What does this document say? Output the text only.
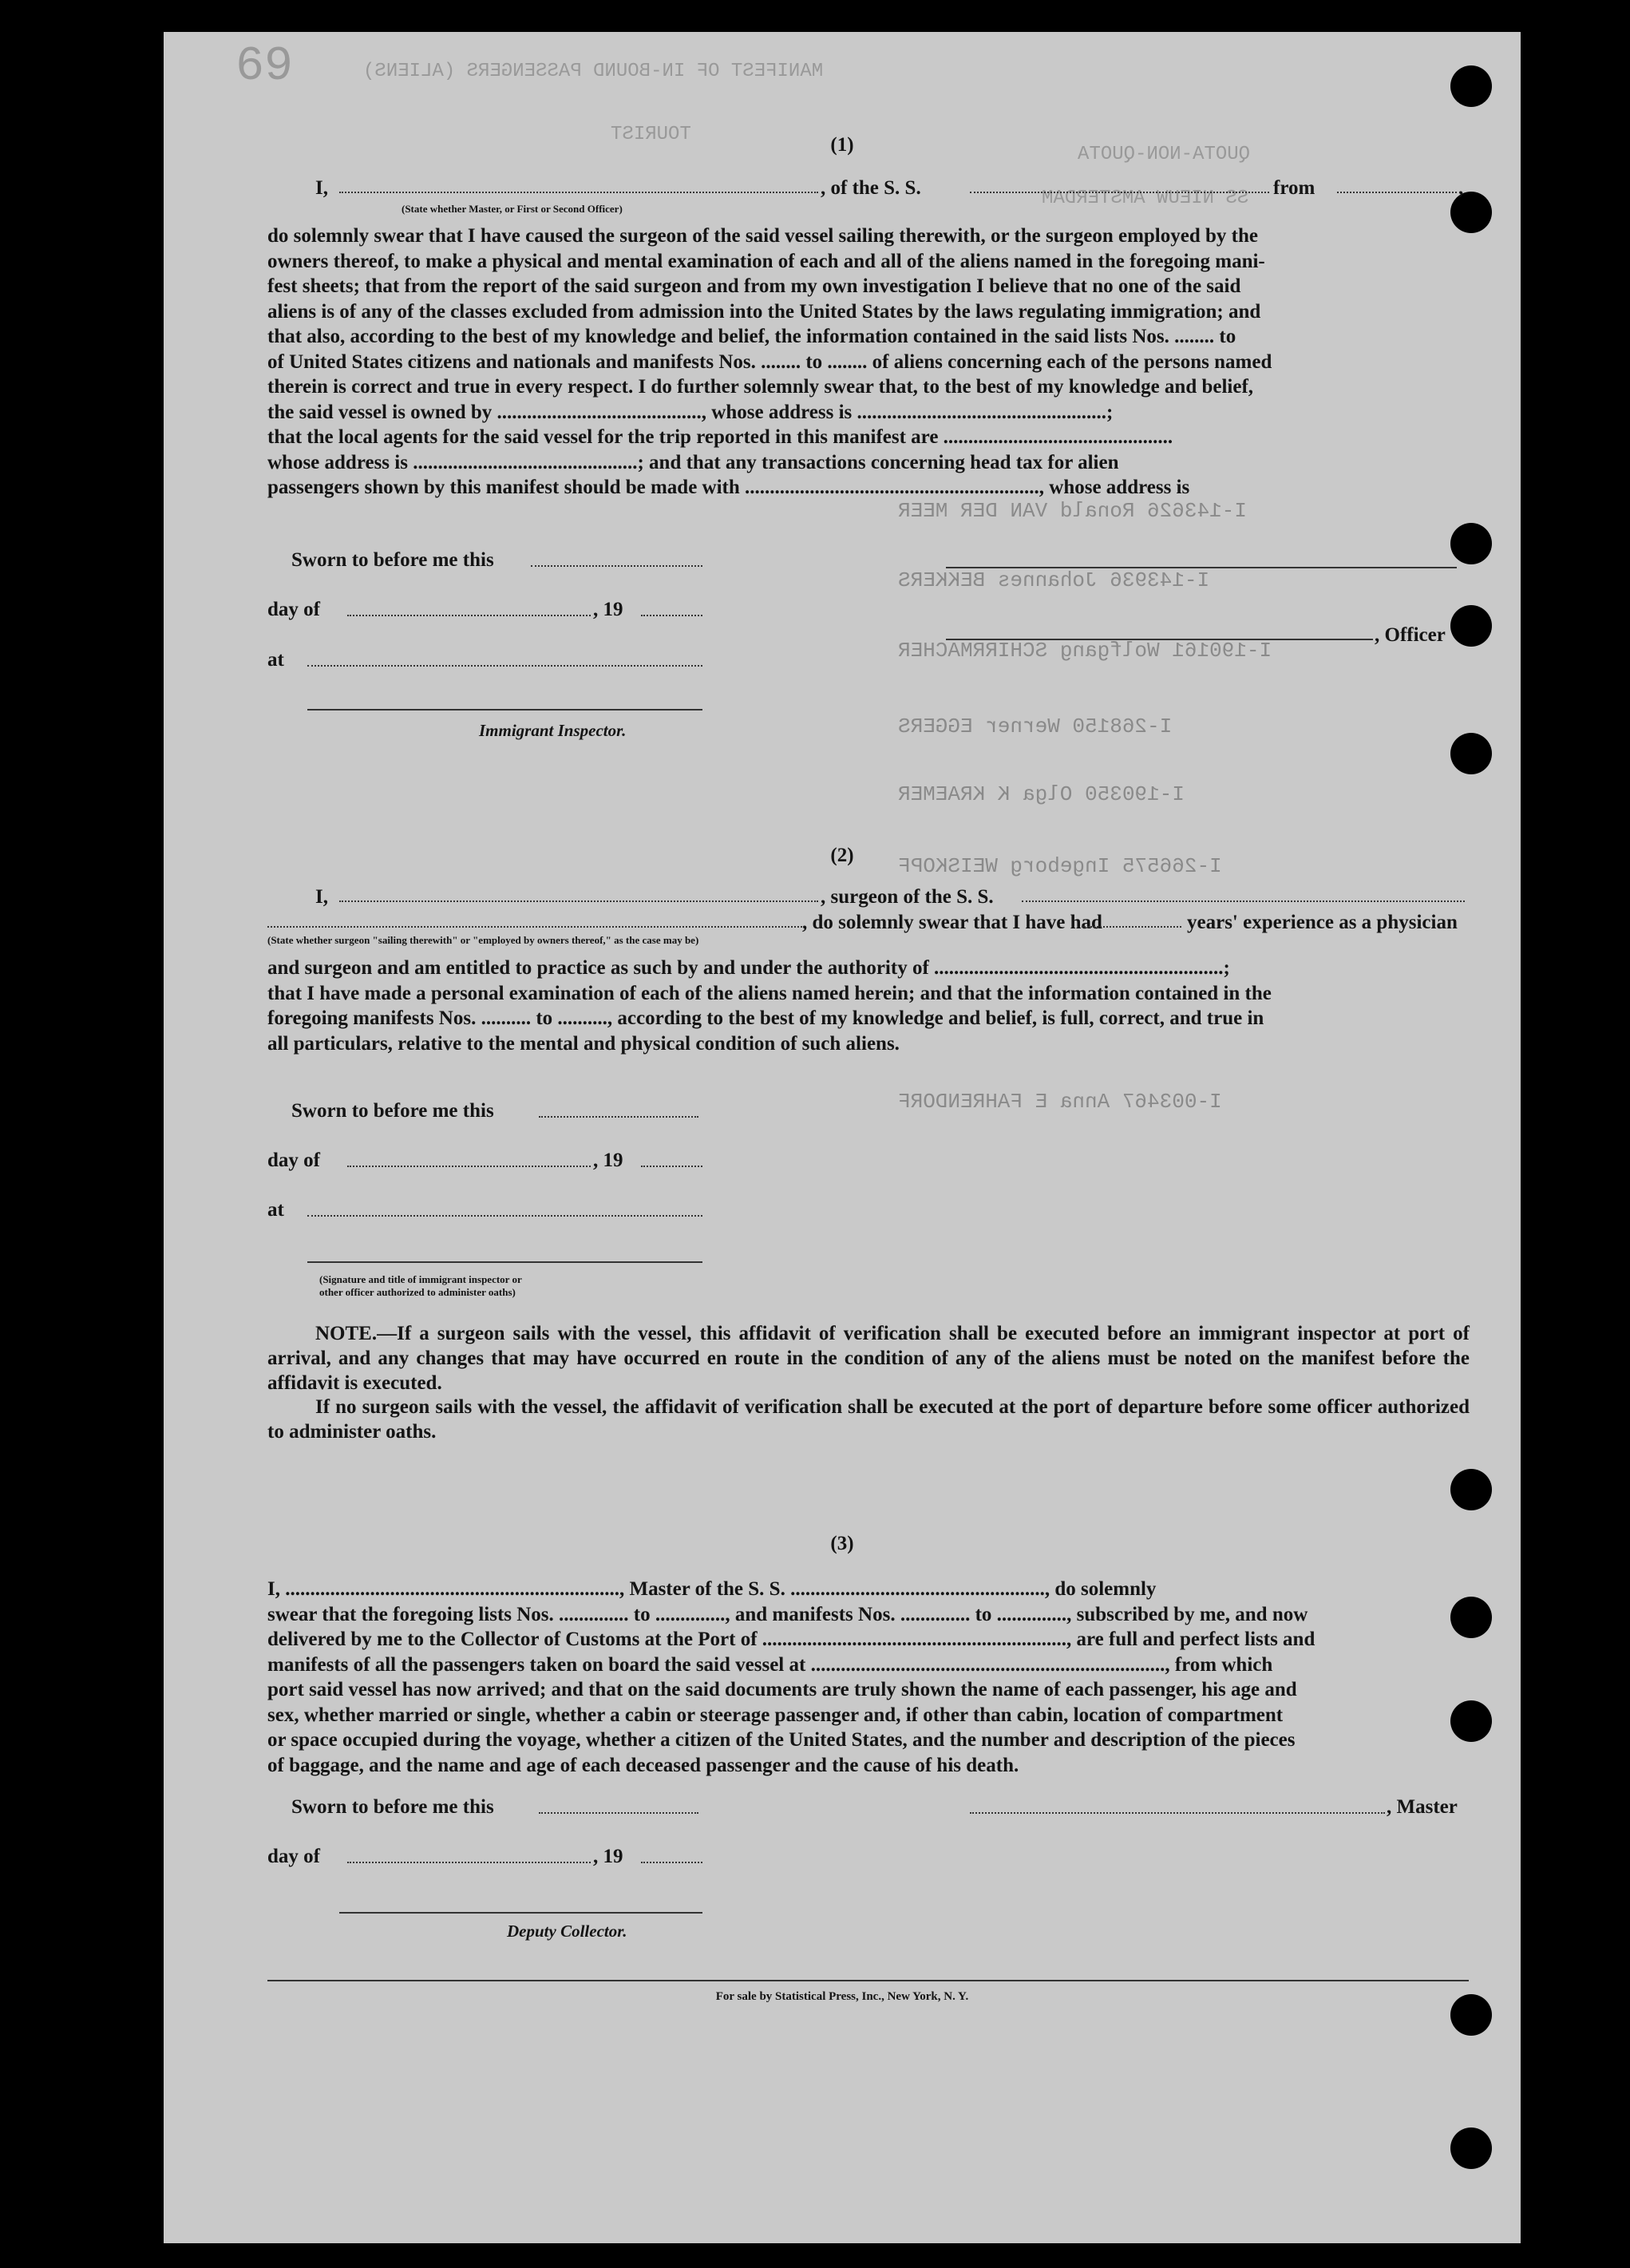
69	MANIFEST OF IN-BOUND PASSENGERS (ALIENS)
TOURIST
QUOTA-NON-QUOTA
SS NIEUW AMSTERDAM
(1)
I,	, of the S. S.	from	,
(State whether Master, or First or Second Officer)
do solemnly swear that I have caused the surgeon of the said vessel sailing therewith, or the surgeon employed by the
owners thereof, to make a physical and mental examination of each and all of the aliens named in the foregoing mani-
fest sheets; that from the report of the said surgeon and from my own investigation I believe that no one of the said
aliens is of any of the classes excluded from admission into the United States by the laws regulating immigration; and
that also, according to the best of my knowledge and belief, the information contained in the said lists Nos. ........ to
of United States citizens and nationals and manifests Nos. ........ to ........ of aliens concerning each of the persons named
therein is correct and true in every respect. I do further solemnly swear that, to the best of my knowledge and belief,
the said vessel is owned by ........................................., whose address is ..................................................;
that the local agents for the said vessel for the trip reported in this manifest are ..............................................
whose address is .............................................; and that any transactions concerning head tax for alien
passengers shown by this manifest should be made with ..........................................................., whose address is
I-143626 Ronald VAN DER MEER
I-143936 Johannes BEKKERS
I-190161 Wolfgang SCHIRRMACHER
I-268150 Werner EGGERS
I-190350 Olga K KRAEMER
I-266575 Ingeborg WEISKOPF
I-003467 Anna E FAHRENDORF
Sworn to before me this
day of	, 19
, Officer
at
Immigrant Inspector.
(2)
I,	, surgeon of the S. S.
, do solemnly swear that I have had	years' experience as a physician
(State whether surgeon "sailing therewith" or "employed by owners thereof," as the case may be)
and surgeon and am entitled to practice as such by and under the authority of ..........................................................;
that I have made a personal examination of each of the aliens named herein; and that the information contained in the
foregoing manifests Nos. .......... to .........., according to the best of my knowledge and belief, is full, correct, and true in
all particulars, relative to the mental and physical condition of such aliens.
Sworn to before me this
day of	, 19
at
(Signature and title of immigrant inspector or
other officer authorized to administer oaths)
NOTE.—If a surgeon sails with the vessel, this affidavit of verification shall be executed before an immigrant inspector at port of arrival, and any changes that may have occurred en route in the condition of any of the aliens must be noted on the manifest before the affidavit is executed.
If no surgeon sails with the vessel, the affidavit of verification shall be executed at the port of departure before some officer authorized to administer oaths.
(3)
I, ..................................................................., Master of the S. S. ..................................................., do solemnly
swear that the foregoing lists Nos. .............. to .............., and manifests Nos. .............. to .............., subscribed by me, and now
delivered by me to the Collector of Customs at the Port of ............................................................., are full and perfect lists and
manifests of all the passengers taken on board the said vessel at ......................................................................., from which
port said vessel has now arrived; and that on the said documents are truly shown the name of each passenger, his age and
sex, whether married or single, whether a cabin or steerage passenger and, if other than cabin, location of compartment
or space occupied during the voyage, whether a citizen of the United States, and the number and description of the pieces
of baggage, and the name and age of each deceased passenger and the cause of his death.
Sworn to before me this	, Master
day of	, 19
Deputy Collector.
For sale by Statistical Press, Inc., New York, N. Y.
